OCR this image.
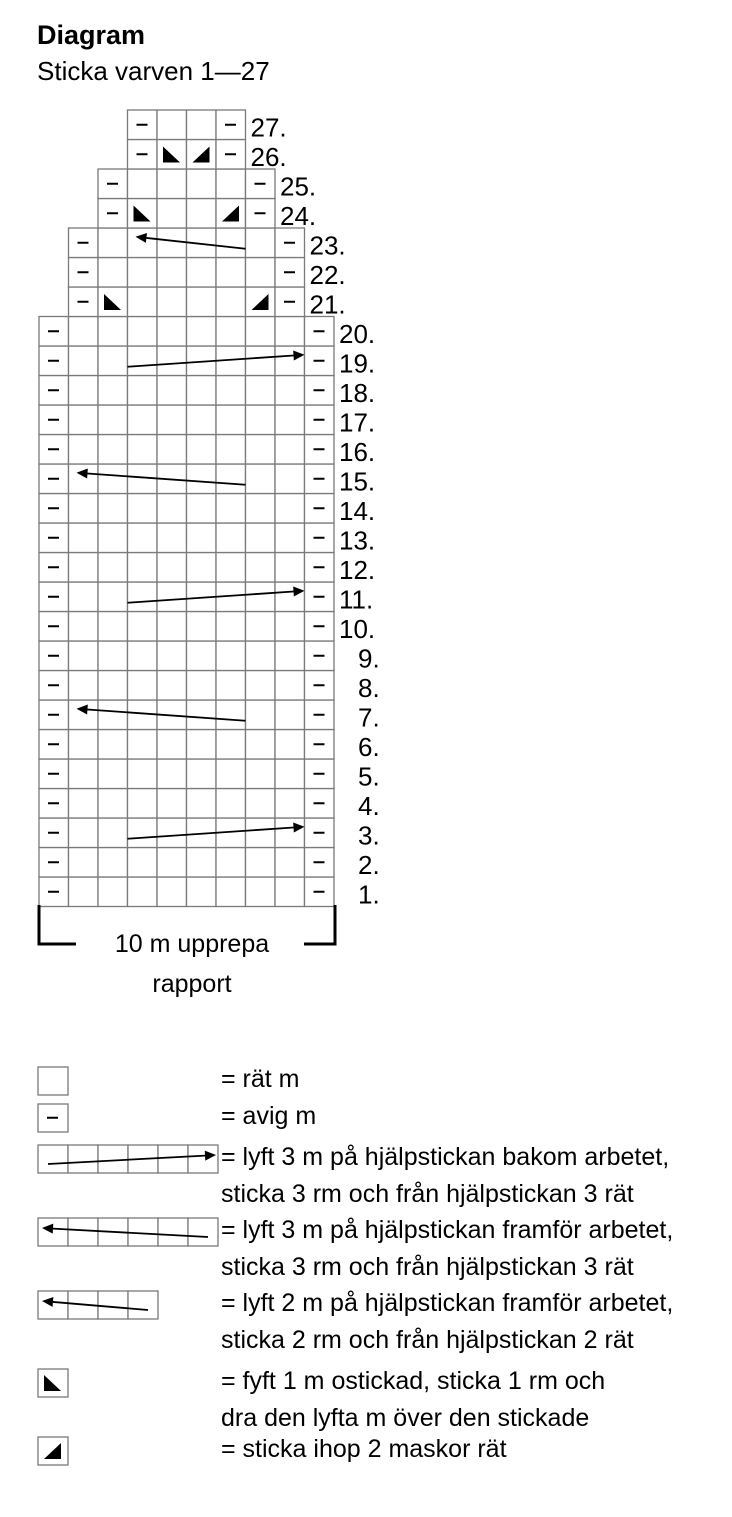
Diagram
Sticka varven 1—27
1.
2.
3.
4.
5.
6.
7.
8.
9.
10.
11.
12.
13.
14.
15.
16.
17.
18.
19.
20.
21.
22.
23.
24.
25.
26.
27.
10 m upprepa
rapport
= rät m
= avig m
= lyft 3 m på hjälpstickan bakom arbetet,
sticka 3 rm och från hjälpstickan 3 rät
= lyft 3 m på hjälpstickan framför arbetet,
sticka 3 rm och från hjälpstickan 3 rät
= lyft 2 m på hjälpstickan framför arbetet,
sticka 2 rm och från hjälpstickan 2 rät
= fyft 1 m ostickad, sticka 1 rm och
dra den lyfta m över den stickade
= sticka ihop 2 maskor rät
